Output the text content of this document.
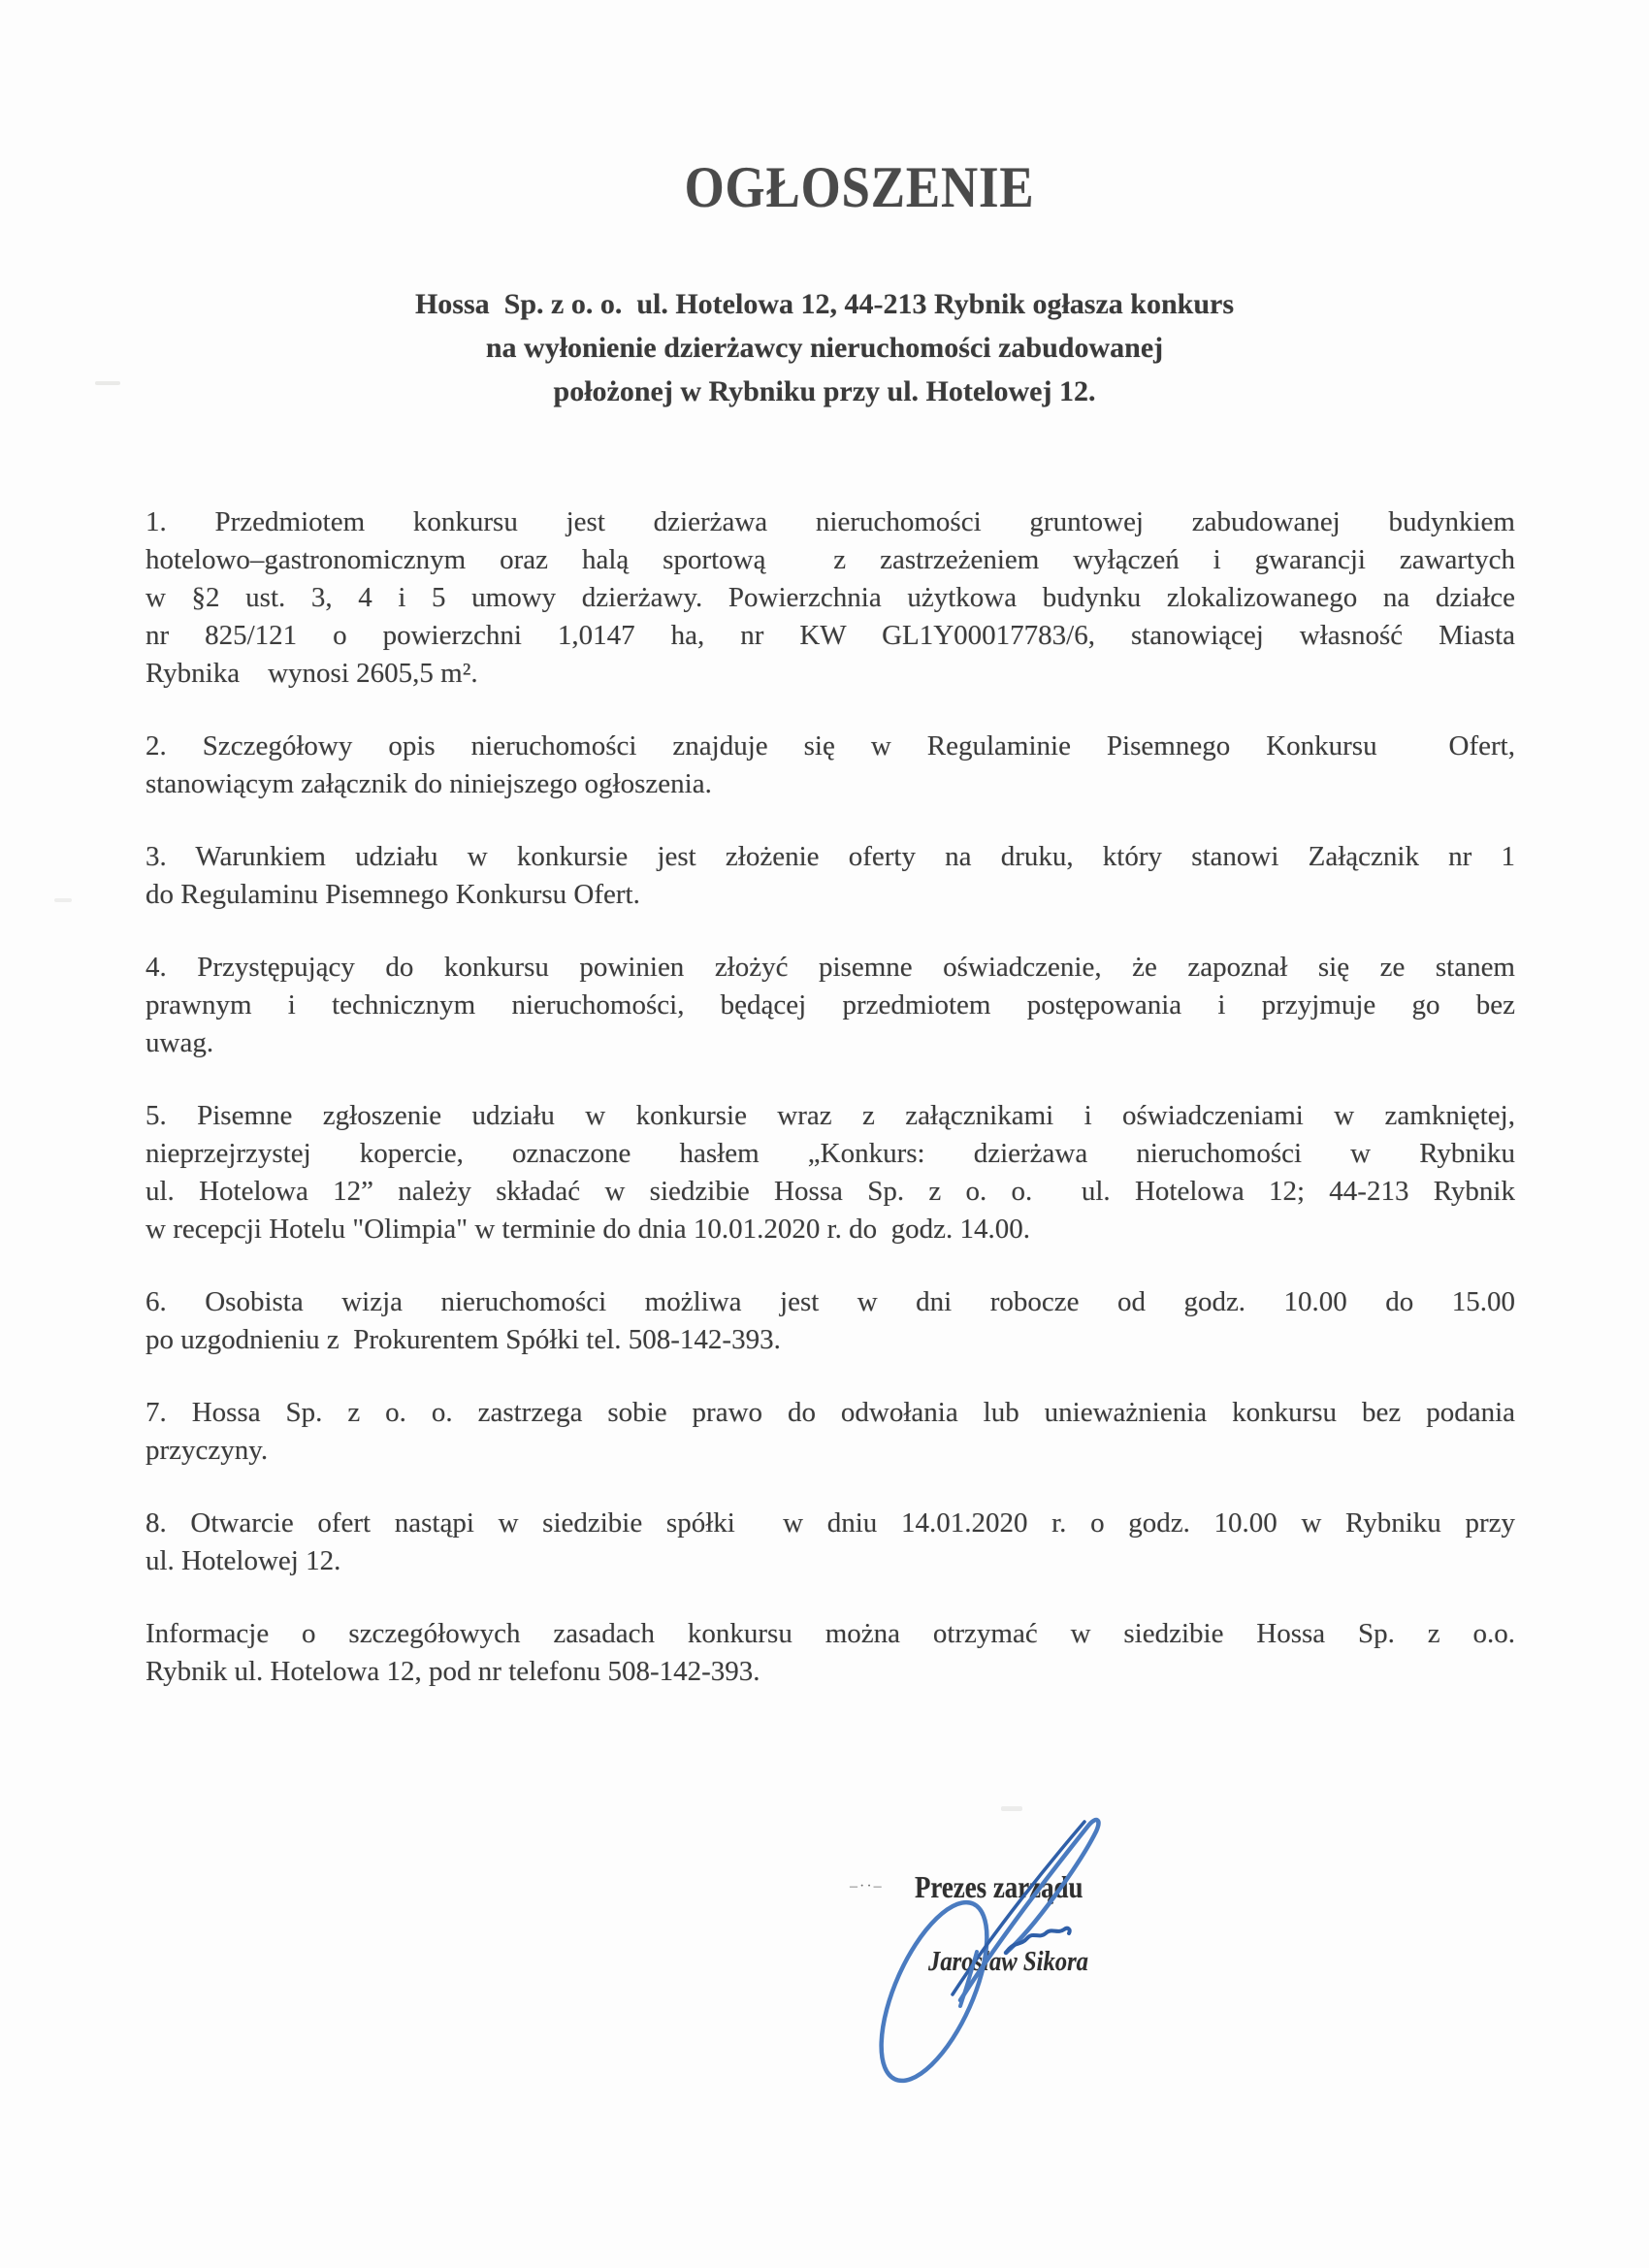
OGŁOSZENIE
Hossa  Sp. z o. o.  ul. Hotelowa 12, 44-213 Rybnik ogłasza konkurs
na wyłonienie dzierżawcy nieruchomości zabudowanej
położonej w Rybniku przy ul. Hotelowej 12.
1. Przedmiotem konkursu jest dzierżawa nieruchomości gruntowej zabudowanej budynkiem
hotelowo–gastronomicznym oraz halą sportową  z zastrzeżeniem wyłączeń i gwarancji zawartych
w §2 ust. 3, 4 i 5 umowy dzierżawy. Powierzchnia użytkowa budynku zlokalizowanego na działce
nr 825/121 o powierzchni 1,0147 ha, nr KW GL1Y00017783/6, stanowiącej własność Miasta
Rybnika    wynosi 2605,5 m².
2. Szczegółowy opis nieruchomości znajduje się w Regulaminie Pisemnego Konkursu  Ofert,
stanowiącym załącznik do niniejszego ogłoszenia.
3. Warunkiem udziału w konkursie jest złożenie oferty na druku, który stanowi Załącznik nr 1
do Regulaminu Pisemnego Konkursu Ofert.
4. Przystępujący do konkursu powinien złożyć pisemne oświadczenie, że zapoznał się ze stanem
prawnym i technicznym nieruchomości, będącej przedmiotem postępowania i przyjmuje go bez
uwag.
5. Pisemne zgłoszenie udziału w konkursie wraz z załącznikami i oświadczeniami w zamkniętej,
nieprzejrzystej kopercie, oznaczone hasłem „Konkurs: dzierżawa nieruchomości w Rybniku
ul. Hotelowa 12” należy składać w siedzibie Hossa Sp. z o. o.  ul. Hotelowa 12; 44-213 Rybnik
w recepcji Hotelu "Olimpia" w terminie do dnia 10.01.2020 r. do  godz. 14.00.
6. Osobista wizja nieruchomości możliwa jest w dni robocze od godz. 10.00 do 15.00
po uzgodnieniu z  Prokurentem Spółki tel. 508-142-393.
7. Hossa Sp. z o. o. zastrzega sobie prawo do odwołania lub unieważnienia konkursu bez podania
przyczyny.
8. Otwarcie ofert nastąpi w siedzibie spółki  w dniu 14.01.2020 r. o godz. 10.00 w Rybniku przy
ul. Hotelowej 12.
Informacje o szczegółowych zasadach konkursu można otrzymać w siedzibie Hossa Sp. z o.o.
Rybnik ul. Hotelowa 12, pod nr telefonu 508-142-393.
–··– Prezes zarządu
Jarosław Sikora
